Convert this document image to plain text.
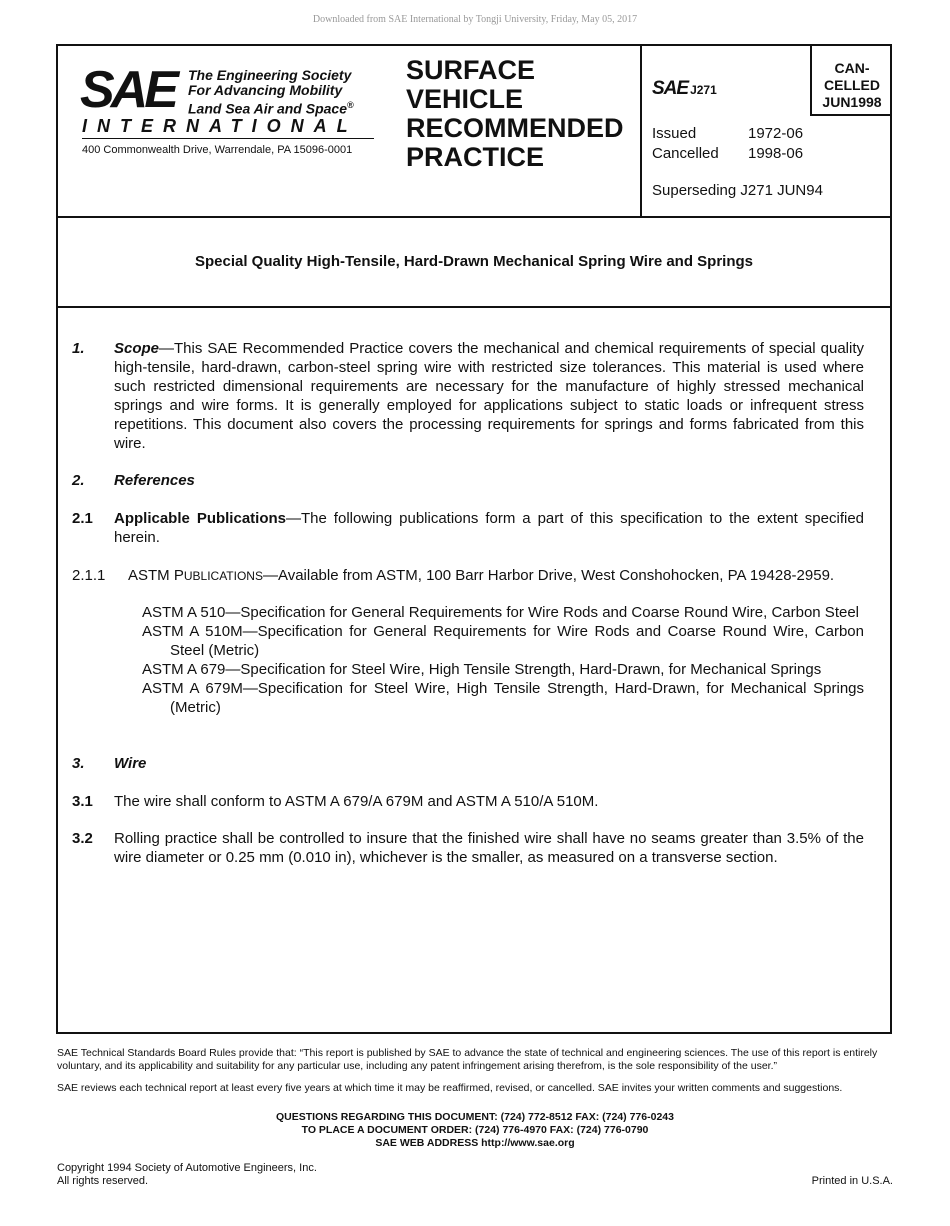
Downloaded from SAE International by Tongji University, Friday, May 05, 2017
SAE The Engineering Society
For Advancing Mobility
Land Sea Air and Space®
INTERNATIONAL
400 Commonwealth Drive, Warrendale, PA 15096-0001
SURFACE
VEHICLE
RECOMMENDED
PRACTICE
SAE J271
CAN-
CELLED
JUN1998
Issued	1972-06
Cancelled 1998-06
Superseding J271 JUN94
Special Quality High-Tensile, Hard-Drawn Mechanical Spring Wire and Springs
1. Scope—This SAE Recommended Practice covers the mechanical and chemical requirements of special quality high-tensile, hard-drawn, carbon-steel spring wire with restricted size tolerances. This material is used where such restricted dimensional requirements are necessary for the manufacture of highly stressed mechanical springs and wire forms. It is generally employed for applications subject to static loads or infrequent stress repetitions. This document also covers the processing requirements for springs and forms fabricated from this wire.
2. References
2.1 Applicable Publications—The following publications form a part of this specification to the extent specified herein.
2.1.1 ASTM PUBLICATIONS—Available from ASTM, 100 Barr Harbor Drive, West Conshohocken, PA 19428-2959.
ASTM A 510—Specification for General Requirements for Wire Rods and Coarse Round Wire, Carbon Steel
ASTM A 510M—Specification for General Requirements for Wire Rods and Coarse Round Wire, Carbon Steel (Metric)
ASTM A 679—Specification for Steel Wire, High Tensile Strength, Hard-Drawn, for Mechanical Springs
ASTM A 679M—Specification for Steel Wire, High Tensile Strength, Hard-Drawn, for Mechanical Springs (Metric)
3. Wire
3.1 The wire shall conform to ASTM A 679/A 679M and ASTM A 510/A 510M.
3.2 Rolling practice shall be controlled to insure that the finished wire shall have no seams greater than 3.5% of the wire diameter or 0.25 mm (0.010 in), whichever is the smaller, as measured on a transverse section.
SAE Technical Standards Board Rules provide that: “This report is published by SAE to advance the state of technical and engineering sciences. The use of this report is entirely voluntary, and its applicability and suitability for any particular use, including any patent infringement arising therefrom, is the sole responsibility of the user.”
SAE reviews each technical report at least every five years at which time it may be reaffirmed, revised, or cancelled. SAE invites your written comments and suggestions.
QUESTIONS REGARDING THIS DOCUMENT: (724) 772-8512 FAX: (724) 776-0243
TO PLACE A DOCUMENT ORDER: (724) 776-4970 FAX: (724) 776-0790
SAE WEB ADDRESS http://www.sae.org
Copyright 1994 Society of Automotive Engineers, Inc.
All rights reserved.	Printed in U.S.A.
